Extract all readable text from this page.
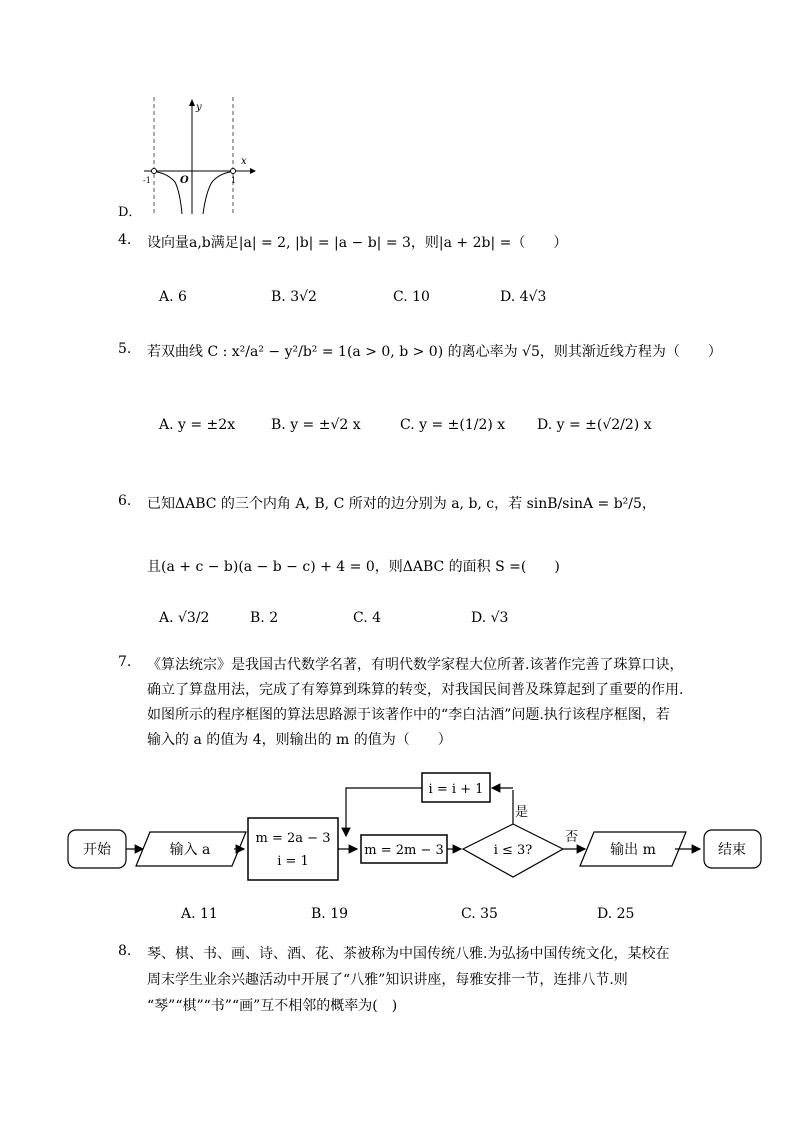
D．
y
x
O
-1	1
4. 设向量a,b满足|a| = 2, |b| = |a − b| = 3，则|a + 2b| =（　　）
A. 6	B. 3√2	C. 10	D. 4√3
5. 若双曲线 C : x²/a² − y²/b² = 1(a > 0, b > 0) 的离心率为 √5，则其渐近线方程为（　　）
A. y = ±2x	B. y = ±√2 x	C. y = ±(1/2) x D. y = ±(√2/2) x
6. 已知ΔABC 的三个内角 A, B, C 所对的边分别为 a, b, c，若 sinB/sinA = b²/5，
且(a + c − b)(a − b − c) + 4 = 0，则ΔABC 的面积 S =(　　)
A. √3/2	B. 2	C. 4	D. √3
7. 《算法统宗》是我国古代数学名著，有明代数学家程大位所著.该著作完善了珠算口诀，
确立了算盘用法，完成了有筹算到珠算的转变，对我国民间普及珠算起到了重要的作用.
如图所示的程序框图的算法思路源于该著作中的“李白沽酒”问题.执行该程序框图，若
输入的 a 的值为 4，则输出的 m 的值为（　　）
开始	输入 a
m = 2a − 3
i = 1
m = 2m − 3	i ≤ 3?
是
i = i + 1
否
输出 m	结束
A. 11	B. 19	C. 35	D. 25
8. 琴、棋、书、画、诗、酒、花、茶被称为中国传统八雅.为弘扬中国传统文化，某校在
周末学生业余兴趣活动中开展了“八雅”知识讲座，每雅安排一节，连排八节.则
“琴”“棋”“书”“画”互不相邻的概率为(　)
